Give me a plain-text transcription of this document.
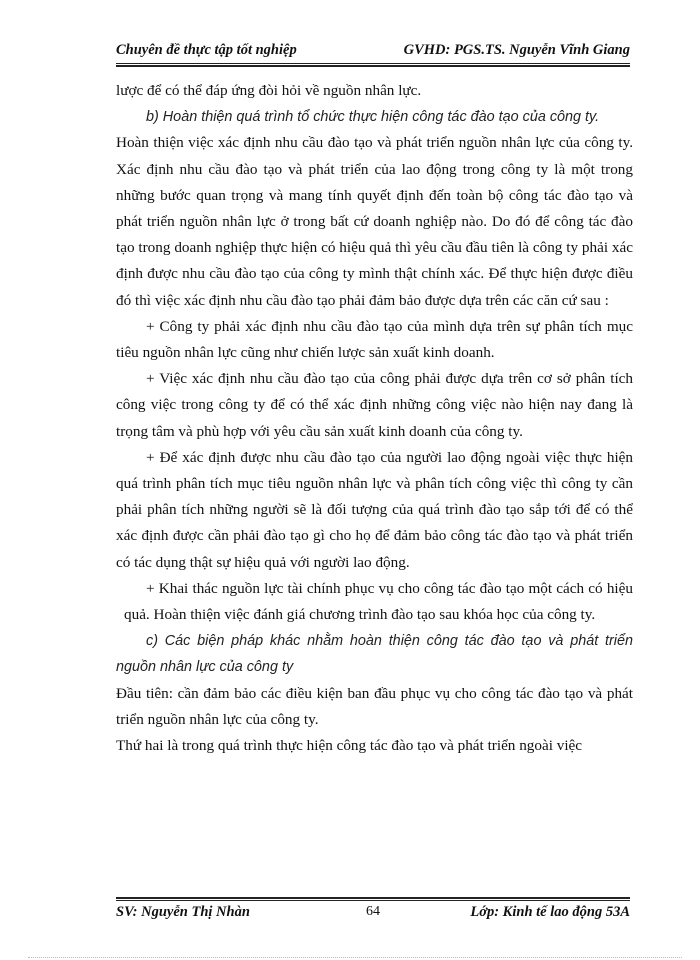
Chuyên đề thực tập tốt nghiệp	GVHD: PGS.TS. Nguyễn Vĩnh Giang

lược để có thể đáp ứng đòi hỏi về nguồn nhân lực.

b) Hoàn thiện quá trình tổ chức thực hiện công tác đào tạo của công ty.

Hoàn thiện việc xác định nhu cầu đào tạo và phát triển nguồn nhân lực của công ty. Xác định nhu cầu đào tạo và phát triển của lao động trong công ty là một trong những bước quan trọng và mang tính quyết định đến toàn bộ công tác đào tạo và phát triển nguồn nhân lực ở trong bất cứ doanh nghiệp nào. Do đó để công tác đào tạo trong doanh nghiệp thực hiện có hiệu quả thì yêu cầu đầu tiên là công ty phải xác định được nhu cầu đào tạo của công ty mình thật chính xác. Để thực hiện được điều đó thì việc xác định nhu cầu đào tạo phải đảm bảo được dựa trên các căn cứ sau :

+ Công ty phải xác định nhu cầu đào tạo của mình dựa trên sự phân tích mục tiêu nguồn nhân lực cũng như chiến lược sản xuất kinh doanh.

+ Việc xác định nhu cầu đào tạo của công phải được dựa trên cơ sở phân tích công việc trong công ty để có thể xác định những công việc nào hiện nay đang là trọng tâm và phù hợp với yêu cầu sản xuất kinh doanh của công ty.

+ Để xác định được nhu cầu đào tạo của người lao động ngoài việc thực hiện quá trình phân tích mục tiêu nguồn nhân lực và phân tích công việc thì công ty cần phải phân tích những người sẽ là đối tượng của quá trình đào tạo sắp tới để có thể xác định được cần phải đào tạo gì cho họ để đảm bảo công tác đào tạo và phát triển có tác dụng thật sự hiệu quả với người lao động.

+ Khai thác nguồn lực tài chính phục vụ cho công tác đào tạo một cách có hiệu quả. Hoàn thiện việc đánh giá chương trình đào tạo sau khóa học của công ty.

c) Các biện pháp khác nhằm hoàn thiện công tác đào tạo và phát triển nguồn nhân lực của công ty

Đầu tiên: cần đảm bảo các điều kiện ban đầu phục vụ cho công tác đào tạo và phát triển nguồn nhân lực của công ty.

Thứ hai là trong quá trình thực hiện công tác đào tạo và phát triển ngoài việc

SV: Nguyễn Thị Nhàn	64	Lớp: Kinh tế lao động 53A
